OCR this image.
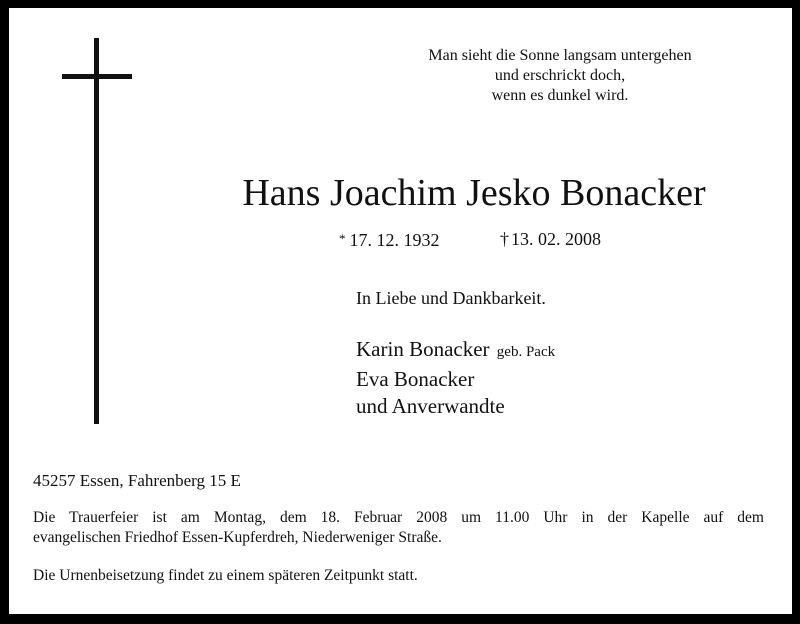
Man sieht die Sonne langsam untergehen
und erschrickt doch,
wenn es dunkel wird.
Hans Joachim Jesko Bonacker
* 17. 12. 1932	† 13. 02. 2008
In Liebe und Dankbarkeit.
Karin Bonacker geb. Pack
Eva Bonacker
und Anverwandte
45257 Essen, Fahrenberg 15 E
Die Trauerfeier ist am Montag, dem 18. Februar 2008 um 11.00 Uhr in der Kapelle auf dem
evangelischen Friedhof Essen-Kupferdreh, Niederweniger Straße.
Die Urnenbeisetzung findet zu einem späteren Zeitpunkt statt.
